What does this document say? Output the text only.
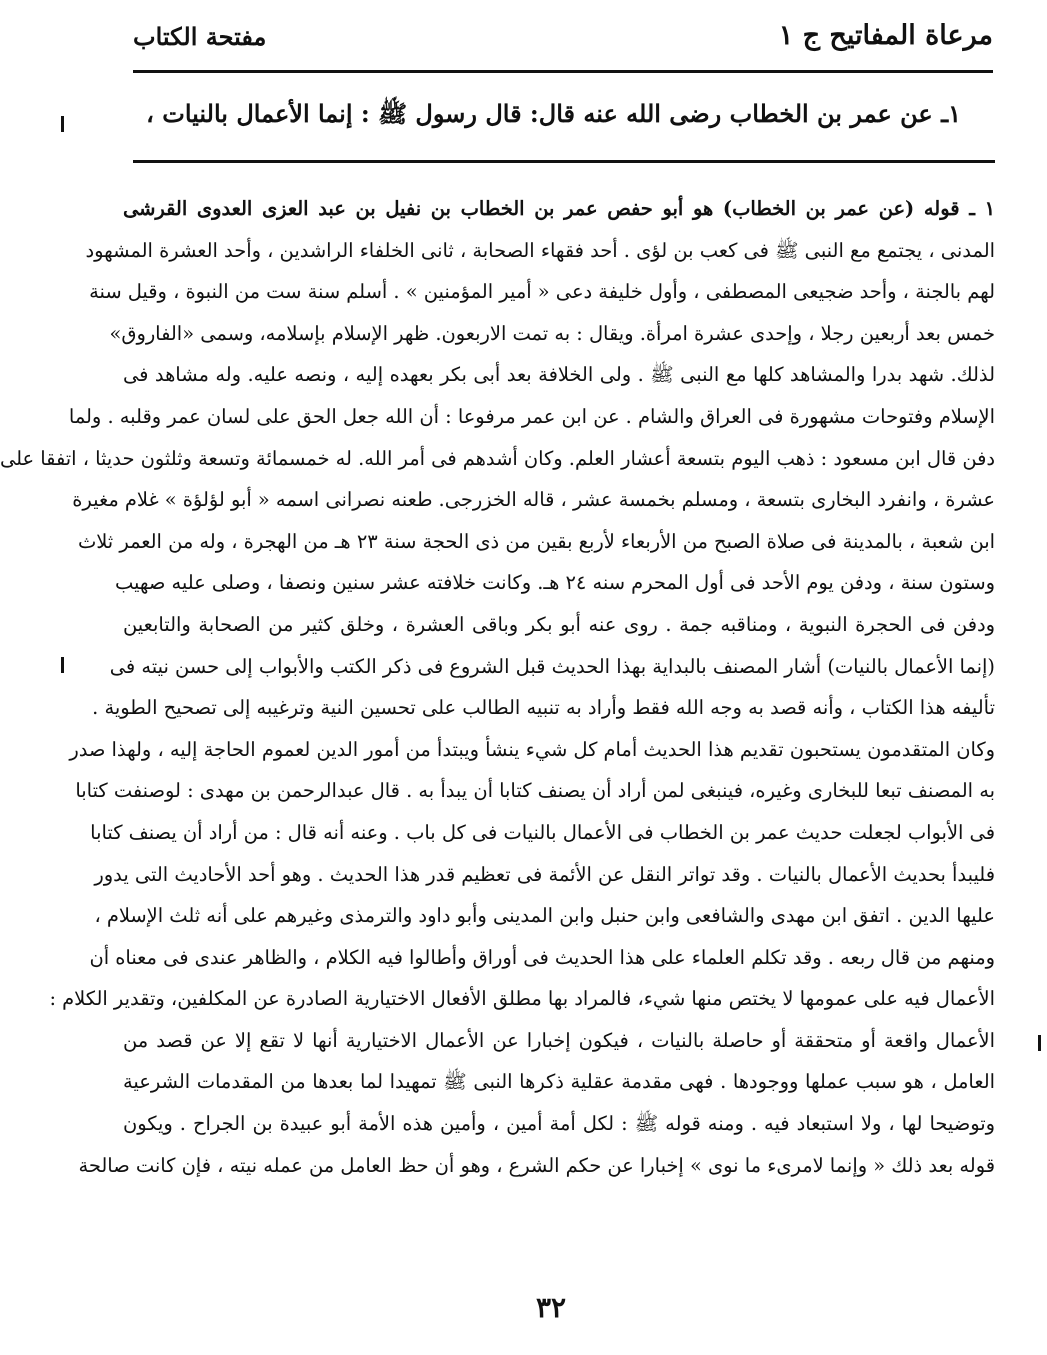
مرعاة المفاتيح ج ١
مفتحة الكتاب
١ـ عن عمر بن الخطاب رضى الله عنه قال: قال رسول ﷺ : إنما الأعمال بالنيات ،
١ ـ قوله (عن عمر بن الخطاب) هو أبو حفص عمر بن الخطاب بن نفيل بن عبد العزى العدوى القرشى
المدنى ، يجتمع مع النبى ﷺ فى كعب بن لؤى . أحد فقهاء الصحابة ، ثانى الخلفاء الراشدين ، وأحد العشرة المشهود
لهم بالجنة ، وأحد ضجيعى المصطفى ، وأول خليفة دعى « أمير المؤمنين » . أسلم سنة ست من النبوة ، وقيل سنة
خمس بعد أربعين رجلا ، وإحدى عشرة امرأة. ويقال : به تمت الاربعون. ظهر الإسلام بإسلامه، وسمى «الفاروق»
لذلك. شهد بدرا والمشاهد كلها مع النبى ﷺ . ولى الخلافة بعد أبى بكر بعهده إليه ، ونصه عليه. وله مشاهد فى
الإسلام وفتوحات مشهورة فى العراق والشام . عن ابن عمر مرفوعا : أن الله جعل الحق على لسان عمر وقلبه . ولما
دفن قال ابن مسعود : ذهب اليوم بتسعة أعشار العلم. وكان أشدهم فى أمر الله. له خمسمائة وتسعة وثلثون حديثا ، اتفقا على
عشرة ، وانفرد البخارى بتسعة ، ومسلم بخمسة عشر ، قاله الخزرجى. طعنه نصرانى اسمه « أبو لؤلؤة » غلام مغيرة
ابن شعبة ، بالمدينة فى صلاة الصبح من الأربعاء لأربع بقين من ذى الحجة سنة ٢٣ هـ من الهجرة ، وله من العمر ثلاث
وستون سنة ، ودفن يوم الأحد فى أول المحرم سنه ٢٤ هـ. وكانت خلافته عشر سنين ونصفا ، وصلى عليه صهيب
ودفن فى الحجرة النبوية ، ومناقبه جمة . روى عنه أبو بكر وباقى العشرة ، وخلق كثير من الصحابة والتابعين
(إنما الأعمال بالنيات) أشار المصنف بالبداية بهذا الحديث قبل الشروع فى ذكر الكتب والأبواب إلى حسن نيته فى
تأليفه هذا الكتاب ، وأنه قصد به وجه الله فقط وأراد به تنبيه الطالب على تحسين النية وترغيبه إلى تصحيح الطوية .
وكان المتقدمون يستحبون تقديم هذا الحديث أمام كل شيء ينشأ ويبتدأ من أمور الدين لعموم الحاجة إليه ، ولهذا صدر
به المصنف تبعا للبخارى وغيره، فينبغى لمن أراد أن يصنف كتابا أن يبدأ به . قال عبدالرحمن بن مهدى : لوصنفت كتابا
فى الأبواب لجعلت حديث عمر بن الخطاب فى الأعمال بالنيات فى كل باب . وعنه أنه قال : من أراد أن يصنف كتابا
فليبدأ بحديث الأعمال بالنيات . وقد تواتر النقل عن الأئمة فى تعظيم قدر هذا الحديث . وهو أحد الأحاديث التى يدور
عليها الدين . اتفق ابن مهدى والشافعى وابن حنبل وابن المدينى وأبو داود والترمذى وغيرهم على أنه ثلث الإسلام ،
ومنهم من قال ربعه . وقد تكلم العلماء على هذا الحديث فى أوراق وأطالوا فيه الكلام ، والظاهر عندى فى معناه أن
الأعمال فيه على عمومها لا يختص منها شيء، فالمراد بها مطلق الأفعال الاختيارية الصادرة عن المكلفين، وتقدير الكلام :
الأعمال واقعة أو متحققة أو حاصلة بالنيات ، فيكون إخبارا عن الأعمال الاختيارية أنها لا تقع إلا عن قصد من
العامل ، هو سبب عملها ووجودها . فهى مقدمة عقلية ذكرها النبى ﷺ تمهيدا لما بعدها من المقدمات الشرعية
وتوضيحا لها ، ولا استبعاد فيه . ومنه قوله ﷺ : لكل أمة أمين ، وأمين هذه الأمة أبو عبيدة بن الجراح . ويكون
قوله بعد ذلك « وإنما لامرىء ما نوى » إخبارا عن حكم الشرع ، وهو أن حظ العامل من عمله نيته ، فإن كانت صالحة
٣٢
